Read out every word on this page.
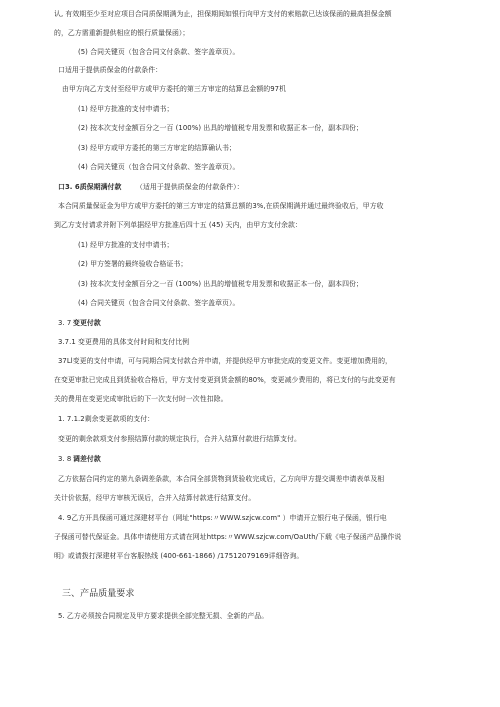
认, 有效期至少至对应项目合同质保期满为止，担保期间如银行向甲方支付的索赔款已达该保函的最高担保金额
的，乙方需重新提供相应的银行质量保函）；
(5) 合同关键页（包含合同文付条款、签字盖章页）。
口适用于提供质保金的付款条件：
由甲方向乙方支付至经甲方或甲方委托的第三方审定的结算总金额的97机
(1) 经甲方批准的支付申请书；
(2) 按本次支付金额百分之一百 (100%) 出具的增值税专用发票和收据正本一份，副本四份；
(3) 经甲方或甲方委托的第三方审定的结算确认书；
(4) 合同关键页（包含合同文付条款、签字盖章页）。
口3. 6质保期满付款 （适用于提供质保金的付款条件）：
本合同质量保证金为甲方或甲方委托的第三方审定的结算总额的3%,在质保期满并通过最终验收后，甲方收
到乙方支付请求并附下列单据经甲方批准后四十五 (45) 天内，由甲方支付余款：
(1) 经甲方批准的支付申请书；
(2) 甲方签署的最终验收合格证书；
(3) 按本次支付金额百分之一百 (100%) 出具的增值税专用发票和收据正本一份，副本四份；
(4) 合同关键页（包含合同文付条款、签字盖章页）。
3. 7 变更付款
3.7.1 变更费用的具体支付时间和支付比例
37Ll变更的支付申请，可与同期合同支付款合并申请，并提供经甲方审批完成的变更文件。变更增加费用的，
在变更审批已完成且到货验收合格后，甲方支付变更到货金额的80%，变更减少费用的，将已支付的与此变更有
关的费用在变更完成审批后的下一次支付时一次性扣除。
1. 7.1.2剩余变更款项的支付：
变更的剩余款项支付参照结算付款的规定执行，合并入结算付款进行结算支付。
3. 8 调差付款
乙方依据合同约定的第九条调差条款，本合同全部货物到货验收完成后，乙方向甲方提交调差申请表单及相
关计价依据，经甲方审核无误后，合并入结算付款进行结算支付。
4. 9乙方开具保函可通过深建材平台（网址"https:〃WWW.szjcw.com" ）申请开立银行电子保函，银行电
子保函可替代保证金。具体申请使用方式请在网址https:〃WWW.szjcw.com/OaUth/下载《电子保函产品操作说
明》或请拨打深建材平台客服热线 (400-661-1866) /17512079169详细咨询。
三、产品质量要求
5. 乙方必须按合同规定及甲方要求提供全部完整无损、全新的产品。
